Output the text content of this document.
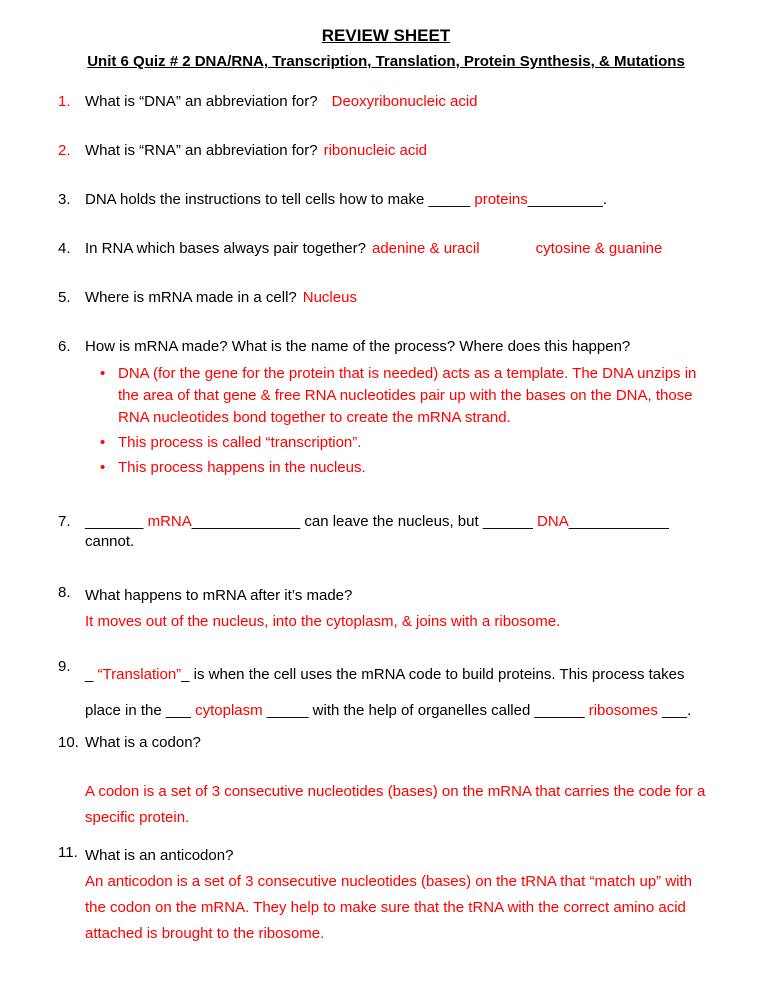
REVIEW SHEET
Unit 6 Quiz # 2 DNA/RNA, Transcription, Translation, Protein Synthesis, & Mutations
1. What is “DNA” an abbreviation for? Deoxyribonucleic acid
2. What is “RNA” an abbreviation for? ribonucleic acid
3. DNA holds the instructions to tell cells how to make _____ proteins_________.
4. In RNA which bases always pair together? adenine & uracil	cytosine & guanine
5. Where is mRNA made in a cell? Nucleus
6. How is mRNA made? What is the name of the process? Where does this happen?
• DNA (for the gene for the protein that is needed) acts as a template. The DNA unzips in the area of that gene & free RNA nucleotides pair up with the bases on the DNA, those RNA nucleotides bond together to create the mRNA strand.
• This process is called “transcription”.
• This process happens in the nucleus.
7. _______ mRNA_____________ can leave the nucleus, but ______ DNA____________ cannot.
8. What happens to mRNA after it’s made?
It moves out of the nucleus, into the cytoplasm, & joins with a ribosome.
9. _ “Translation”_ is when the cell uses the mRNA code to build proteins. This process takes place in the ___ cytoplasm _____ with the help of organelles called ______ ribosomes ___.
10. What is a codon?
A codon is a set of 3 consecutive nucleotides (bases) on the mRNA that carries the code for a specific protein.
11. What is an anticodon?
An anticodon is a set of 3 consecutive nucleotides (bases) on the tRNA that “match up” with the codon on the mRNA. They help to make sure that the tRNA with the correct amino acid attached is brought to the ribosome.
